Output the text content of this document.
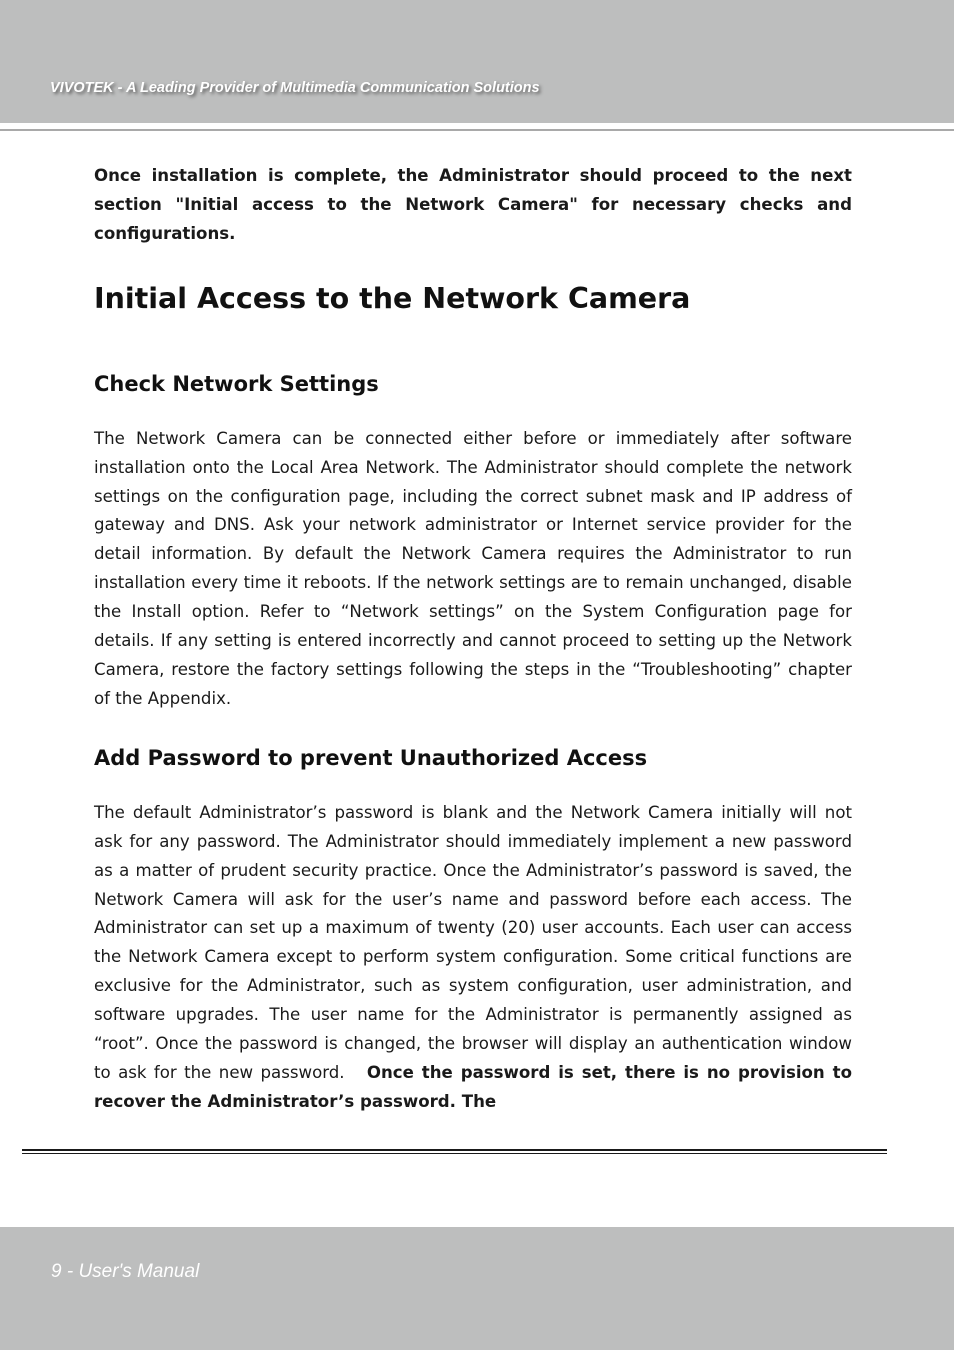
VIVOTEK - A Leading Provider of Multimedia Communication Solutions

Once installation is complete, the Administrator should proceed to the next section "Initial access to the Network Camera" for necessary checks and configurations.

Initial Access to the Network Camera
Check Network Settings

The Network Camera can be connected either before or immediately after software installation onto the Local Area Network. The Administrator should complete the network settings on the configuration page, including the correct subnet mask and IP address of gateway and DNS. Ask your network administrator or Internet service provider for the detail information. By default the Network Camera requires the Administrator to run installation every time it reboots. If the network settings are to remain unchanged, disable the Install option. Refer to “Network settings” on the System Configuration page for details. If any setting is entered incorrectly and cannot proceed to setting up the Network Camera, restore the factory settings following the steps in the “Troubleshooting” chapter of the Appendix.

Add Password to prevent Unauthorized Access

The default Administrator’s password is blank and the Network Camera initially will not ask for any password. The Administrator should immediately implement a new password as a matter of prudent security practice. Once the Administrator’s password is saved, the Network Camera will ask for the user’s name and password before each access. The Administrator can set up a maximum of twenty (20) user accounts. Each user can access the Network Camera except to perform system configuration. Some critical functions are exclusive for the Administrator, such as system configuration, user administration, and software upgrades. The user name for the Administrator is permanently assigned as “root”. Once the password is changed, the browser will display an authentication window to ask for the new password. Once the password is set, there is no provision to recover the Administrator’s password. The

9 - User's Manual
